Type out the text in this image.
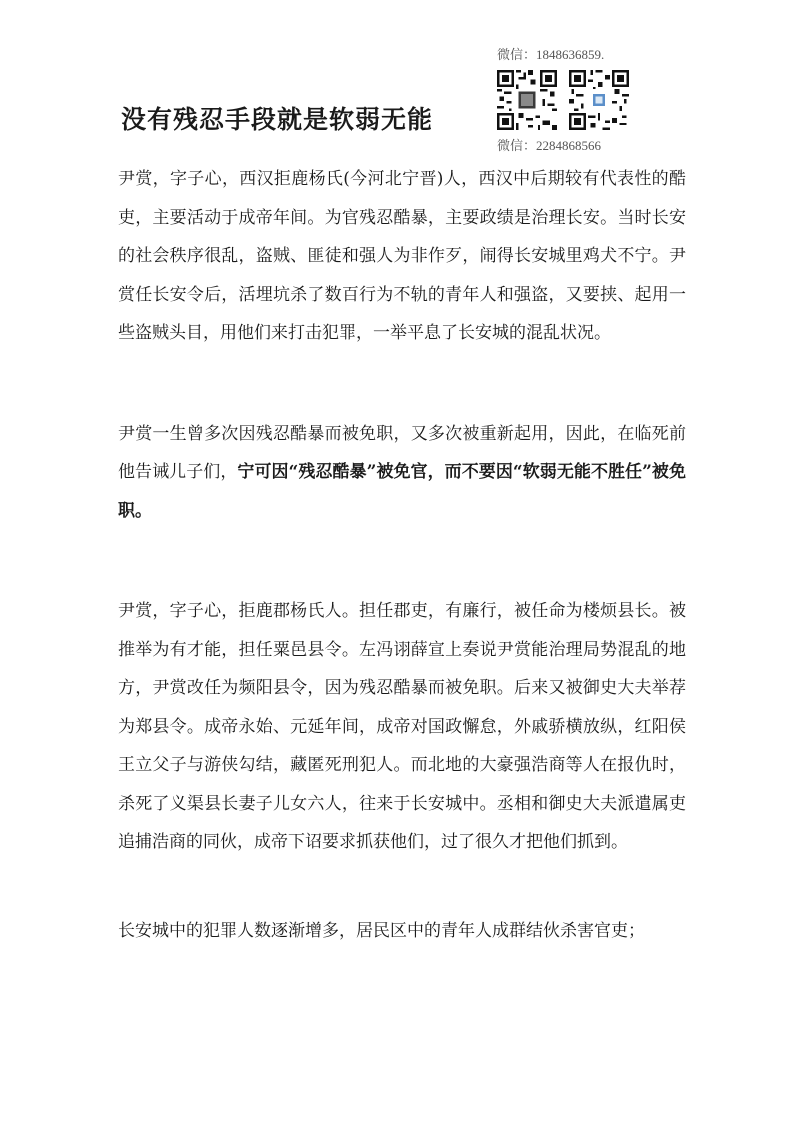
微信：1848636859.
微信：2284868566
没有残忍手段就是软弱无能

尹赏，字子心，西汉拒鹿杨氏(今河北宁晋)人，西汉中后期较有代表性的酷吏，主要活动于成帝年间。为官残忍酷暴，主要政绩是治理长安。当时长安的社会秩序很乱，盗贼、匪徒和强人为非作歹，闹得长安城里鸡犬不宁。尹赏任长安令后，活埋坑杀了数百行为不轨的青年人和强盗，又要挟、起用一些盗贼头目，用他们来打击犯罪，一举平息了长安城的混乱状况。

尹赏一生曾多次因残忍酷暴而被免职，又多次被重新起用，因此，在临死前他告诫儿子们，宁可因“残忍酷暴”被免官，而不要因“软弱无能不胜任”被免职。

尹赏，字子心，拒鹿郡杨氏人。担任郡吏，有廉行，被任命为楼烦县长。被推举为有才能，担任粟邑县令。左冯诩薛宣上奏说尹赏能治理局势混乱的地方，尹赏改任为频阳县令，因为残忍酷暴而被免职。后来又被御史大夫举荐为郑县令。成帝永始、元延年间，成帝对国政懈怠，外戚骄横放纵，红阳侯王立父子与游侠勾结，藏匿死刑犯人。而北地的大豪强浩商等人在报仇时，杀死了义渠县长妻子儿女六人，往来于长安城中。丞相和御史大夫派遣属吏追捕浩商的同伙，成帝下诏要求抓获他们，过了很久才把他们抓到。

长安城中的犯罪人数逐渐增多，居民区中的青年人成群结伙杀害官吏；
